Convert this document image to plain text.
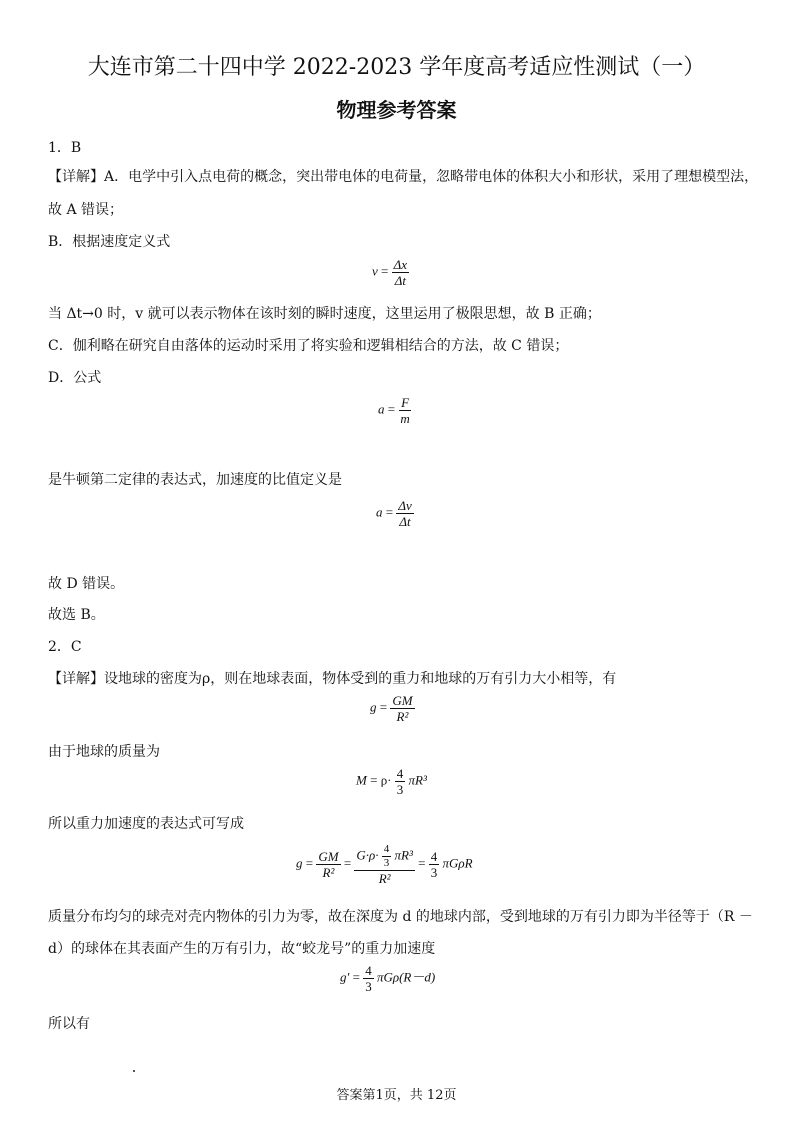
大连市第二十四中学 2022-2023 学年度高考适应性测试（一）
物理参考答案
1．B
【详解】A．电学中引入点电荷的概念，突出带电体的电荷量，忽略带电体的体积大小和形状，采用了理想模型法，
故 A 错误；
B．根据速度定义式
$v = \frac{\Delta x}{\Delta t}$
当 Δt→0 时，v 就可以表示物体在该时刻的瞬时速度，这里运用了极限思想，故 B 正确；
C．伽利略在研究自由落体的运动时采用了将实验和逻辑相结合的方法，故 C 错误；
D．公式
$a = \frac{F}{m}$
是牛顿第二定律的表达式，加速度的比值定义是
$a = \frac{\Delta v}{\Delta t}$
故 D 错误。
故选 B。
2．C
【详解】设地球的密度为ρ，则在地球表面，物体受到的重力和地球的万有引力大小相等，有
$g = \frac{GM}{\text{R²}}$
由于地球的质量为
$M = \rho\cdot \frac{4}{3} \pi R^3$
所以重力加速度的表达式可写成
$g = \frac{GM}{\text{R²}} = \frac{G\cdot\rho\cdot \frac{4}{3} \pi R^3}{\text{R²}} = \frac{4}{3}$ πGρR
质量分布均匀的球壳对壳内物体的引力为零，故在深度为 d 的地球内部，受到地球的万有引力即为半径等于（R －
d）的球体在其表面产生的万有引力，故“蛟龙号”的重力加速度
$g' = \frac{4}{3} \pi G\rho(R-d)$
所以有
答案第1页，共 12页
